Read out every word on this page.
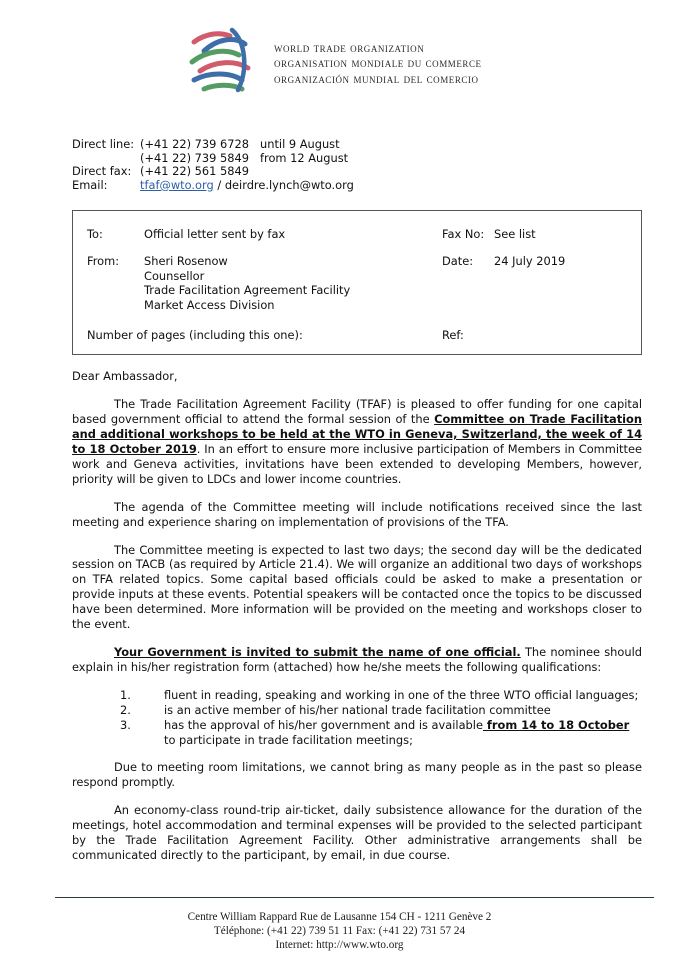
world trade organization
organisation mondiale du commerce
organización mundial del comercio
Direct line: (+41 22) 739 6728 until 9 August
(+41 22) 739 5849 from 12 August
Direct fax: (+41 22) 561 5849
Email:	tfaf@wto.org / deirdre.lynch@wto.org
To:	Official letter sent by fax	Fax No: See list
From:	Sheri Rosenow
Counsellor
Trade Facilitation Agreement Facility
Market Access Division
Date:	24 July 2019
Number of pages (including this one):	Ref:
Dear Ambassador,
The Trade Facilitation Agreement Facility (TFAF) is pleased to offer funding for one capital based government official to attend the formal session of the Committee on Trade Facilitation and additional workshops to be held at the WTO in Geneva, Switzerland, the week of 14 to 18 October 2019. In an effort to ensure more inclusive participation of Members in Committee work and Geneva activities, invitations have been extended to developing Members, however, priority will be given to LDCs and lower income countries.
The agenda of the Committee meeting will include notifications received since the last meeting and experience sharing on implementation of provisions of the TFA.
The Committee meeting is expected to last two days; the second day will be the dedicated session on TACB (as required by Article 21.4). We will organize an additional two days of workshops on TFA related topics. Some capital based officials could be asked to make a presentation or provide inputs at these events. Potential speakers will be contacted once the topics to be discussed have been determined. More information will be provided on the meeting and workshops closer to the event.
Your Government is invited to submit the name of one official. The nominee should explain in his/her registration form (attached) how he/she meets the following qualifications:
1.	fluent in reading, speaking and working in one of the three WTO official languages;
2.	is an active member of his/her national trade facilitation committee
3.	has the approval of his/her government and is available from 14 to 18 October
to participate in trade facilitation meetings;
Due to meeting room limitations, we cannot bring as many people as in the past so please respond promptly.
An economy-class round-trip air-ticket, daily subsistence allowance for the duration of the meetings, hotel accommodation and terminal expenses will be provided to the selected participant by the Trade Facilitation Agreement Facility. Other administrative arrangements shall be communicated directly to the participant, by email, in due course.
Centre William Rappard Rue de Lausanne 154 CH - 1211 Genève 2
Téléphone: (+41 22) 739 51 11 Fax: (+41 22) 731 57 24
Internet: http://www.wto.org
